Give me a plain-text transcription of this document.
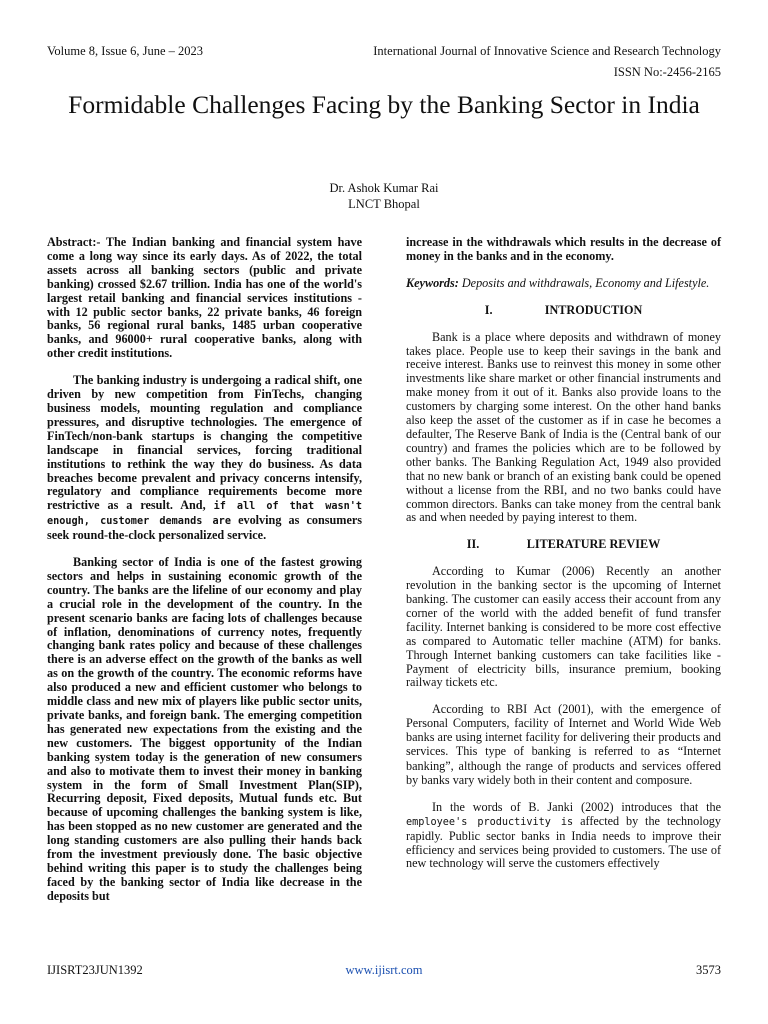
Volume 8, Issue 6, June – 2023	International Journal of Innovative Science and Research Technology
ISSN No:-2456-2165
Formidable Challenges Facing by the Banking Sector in India
Dr. Ashok Kumar Rai
LNCT Bhopal

Abstract:- The Indian banking and financial system have come a long way since its early days. As of 2022, the total assets across all banking sectors (public and private banking) crossed $2.67 trillion. India has one of the world's largest retail banking and financial services institutions - with 12 public sector banks, 22 private banks, 46 foreign banks, 56 regional rural banks, 1485 urban cooperative banks, and 96000+ rural cooperative banks, along with other credit institutions.

The banking industry is undergoing a radical shift, one driven by new competition from FinTechs, changing business models, mounting regulation and compliance pressures, and disruptive technologies. The emergence of FinTech/non-bank startups is changing the competitive landscape in financial services, forcing traditional institutions to rethink the way they do business. As data breaches become prevalent and privacy concerns intensify, regulatory and compliance requirements become more restrictive as a result. And, if all of that wasn't enough, customer demands are evolving as consumers seek round-the-clock personalized service.

Banking sector of India is one of the fastest growing sectors and helps in sustaining economic growth of the country. The banks are the lifeline of our economy and play a crucial role in the development of the country. In the present scenario banks are facing lots of challenges because of inflation, denominations of currency notes, frequently changing bank rates policy and because of these challenges there is an adverse effect on the growth of the banks as well as on the growth of the country. The economic reforms have also produced a new and efficient customer who belongs to middle class and new mix of players like public sector units, private banks, and foreign bank. The emerging competition has generated new expectations from the existing and the new customers. The biggest opportunity of the Indian banking system today is the generation of new consumers and also to motivate them to invest their money in banking system in the form of Small Investment Plan(SIP), Recurring deposit, Fixed deposits, Mutual funds etc. But because of upcoming challenges the banking system is like, has been stopped as no new customer are generated and the long standing customers are also pulling their hands back from the investment previously done. The basic objective behind writing this paper is to study the challenges being faced by the banking sector of India like decrease in the deposits but

increase in the withdrawals which results in the decrease of money in the banks and in the economy.

Keywords: Deposits and withdrawals, Economy and Lifestyle.

I.	INTRODUCTION

Bank is a place where deposits and withdrawn of money takes place. People use to keep their savings in the bank and receive interest. Banks use to reinvest this money in some other investments like share market or other financial instruments and make money from it out of it. Banks also provide loans to the customers by charging some interest. On the other hand banks also keep the asset of the customer as if in case he becomes a defaulter, The Reserve Bank of India is the (Central bank of our country) and frames the policies which are to be followed by other banks. The Banking Regulation Act, 1949 also provided that no new bank or branch of an existing bank could be opened without a license from the RBI, and no two banks could have common directors. Banks can take money from the central bank as and when needed by paying interest to them.

II.	LITERATURE REVIEW

According to Kumar (2006) Recently an another revolution in the banking sector is the upcoming of Internet banking. The customer can easily access their account from any corner of the world with the added benefit of fund transfer facility. Internet banking is considered to be more cost effective as compared to Automatic teller machine (ATM) for banks. Through Internet banking customers can take facilities like - Payment of electricity bills, insurance premium, booking railway tickets etc.

According to RBI Act (2001), with the emergence of Personal Computers, facility of Internet and World Wide Web banks are using internet facility for delivering their products and services. This type of banking is referred to as “Internet banking”, although the range of products and services offered by banks vary widely both in their content and composure.

In the words of B. Janki (2002) introduces that the employee's productivity is affected by the technology rapidly. Public sector banks in India needs to improve their efficiency and services being provided to customers. The use of new technology will serve the customers effectively

IJISRT23JUN1392	www.ijisrt.com	3573
